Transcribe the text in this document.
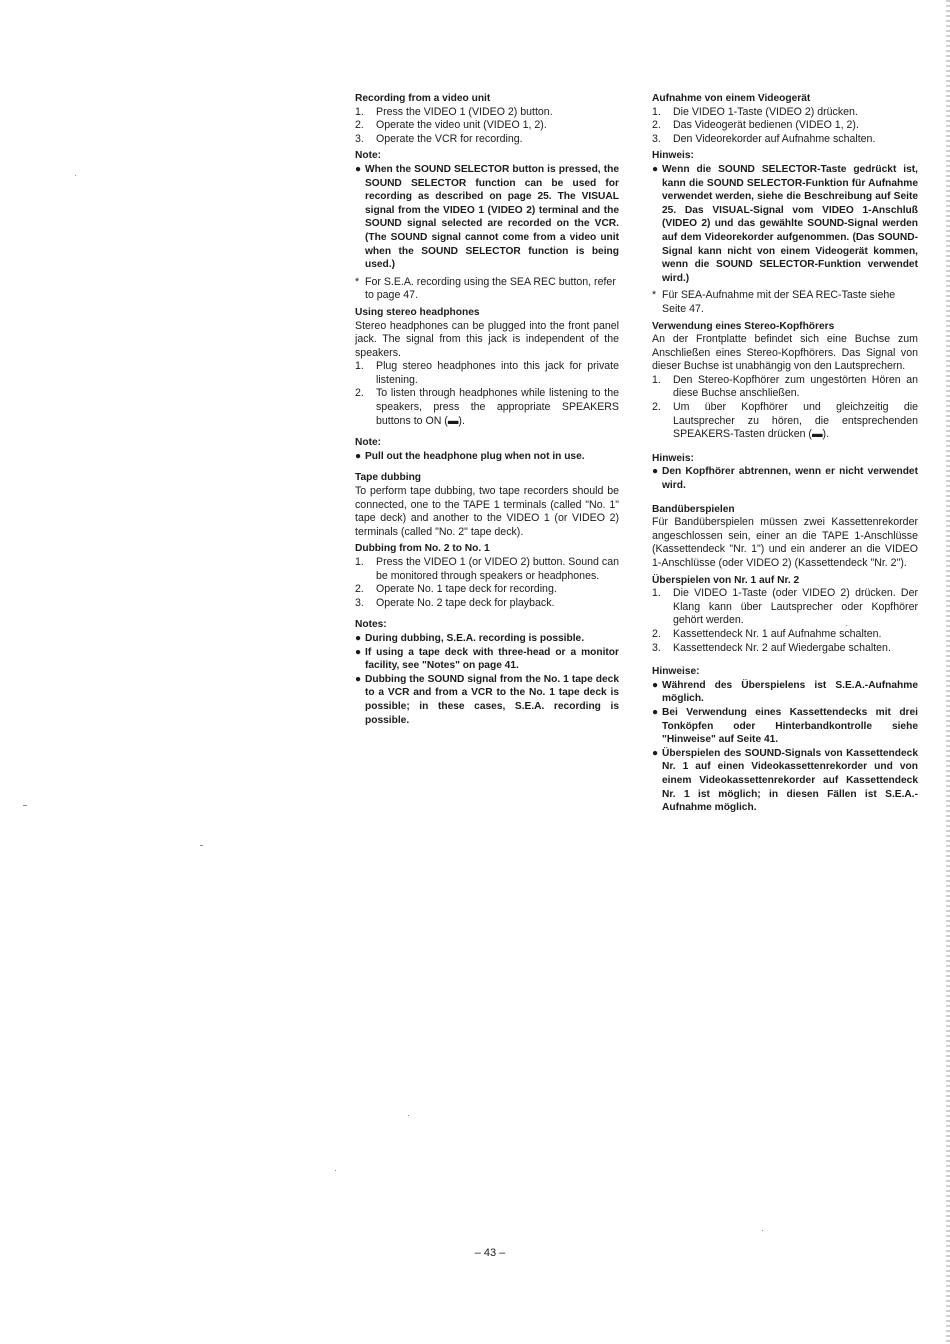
Recording from a video unit
1. Press the VIDEO 1 (VIDEO 2) button.
2. Operate the video unit (VIDEO 1, 2).
3. Operate the VCR for recording.
Note:
● When the SOUND SELECTOR button is pressed, the SOUND SELECTOR function can be used for recording as described on page 25. The VISUAL signal from the VIDEO 1 (VIDEO 2) terminal and the SOUND signal selected are recorded on the VCR. (The SOUND signal cannot come from a video unit when the SOUND SELECTOR function is being used.)
* For S.E.A. recording using the SEA REC button, refer to page 47.
Using stereo headphones
Stereo headphones can be plugged into the front panel jack. The signal from this jack is independent of the speakers.
1. Plug stereo headphones into this jack for private listening.
2. To listen through headphones while listening to the speakers, press the appropriate SPEAKERS buttons to ON (▬).
Note:
● Pull out the headphone plug when not in use.
Tape dubbing
To perform tape dubbing, two tape recorders should be connected, one to the TAPE 1 terminals (called "No. 1" tape deck) and another to the VIDEO 1 (or VIDEO 2) terminals (called "No. 2" tape deck).
Dubbing from No. 2 to No. 1
1. Press the VIDEO 1 (or VIDEO 2) button. Sound can be monitored through speakers or headphones.
2. Operate No. 1 tape deck for recording.
3. Operate No. 2 tape deck for playback.
Notes:
● During dubbing, S.E.A. recording is possible.
● If using a tape deck with three-head or a monitor facility, see "Notes" on page 41.
● Dubbing the SOUND signal from the No. 1 tape deck to a VCR and from a VCR to the No. 1 tape deck is possible; in these cases, S.E.A. recording is possible.
Aufnahme von einem Videogerät
1. Die VIDEO 1-Taste (VIDEO 2) drücken.
2. Das Videogerät bedienen (VIDEO 1, 2).
3. Den Videorekorder auf Aufnahme schalten.
Hinweis:
● Wenn die SOUND SELECTOR-Taste gedrückt ist, kann die SOUND SELECTOR-Funktion für Aufnahme verwendet werden, siehe die Beschreibung auf Seite 25. Das VISUAL-Signal vom VIDEO 1-Anschluß (VIDEO 2) und das gewählte SOUND-Signal werden auf dem Videorekorder aufgenommen. (Das SOUND-Signal kann nicht von einem Videogerät kommen, wenn die SOUND SELECTOR-Funktion verwendet wird.)
* Für SEA-Aufnahme mit der SEA REC-Taste siehe Seite 47.
Verwendung eines Stereo-Kopfhörers
An der Frontplatte befindet sich eine Buchse zum Anschließen eines Stereo-Kopfhörers. Das Signal von dieser Buchse ist unabhängig von den Lautsprechern.
1. Den Stereo-Kopfhörer zum ungestörten Hören an diese Buchse anschließen.
2. Um über Kopfhörer und gleichzeitig die Lautsprecher zu hören, die entsprechenden SPEAKERS-Tasten drücken (▬).
Hinweis:
● Den Kopfhörer abtrennen, wenn er nicht verwendet wird.
Bandüberspielen
Für Bandüberspielen müssen zwei Kassettenrekorder angeschlossen sein, einer an die TAPE 1-Anschlüsse (Kassettendeck "Nr. 1") und ein anderer an die VIDEO 1-Anschlüsse (oder VIDEO 2) (Kassettendeck "Nr. 2").
Überspielen von Nr. 1 auf Nr. 2
1. Die VIDEO 1-Taste (oder VIDEO 2) drücken. Der Klang kann über Lautsprecher oder Kopfhörer gehört werden.
2. Kassettendeck Nr. 1 auf Aufnahme schalten.
3. Kassettendeck Nr. 2 auf Wiedergabe schalten.
Hinweise:
● Während des Überspielens ist S.E.A.-Aufnahme möglich.
● Bei Verwendung eines Kassettendecks mit drei Tonköpfen oder Hinterbandkontrolle siehe "Hinweise" auf Seite 41.
● Überspielen des SOUND-Signals von Kassettendeck Nr. 1 auf einen Videokassettenrekorder und von einem Videokassettenrekorder auf Kassettendeck Nr. 1 ist möglich; in diesen Fällen ist S.E.A.-Aufnahme möglich.
– 43 –
